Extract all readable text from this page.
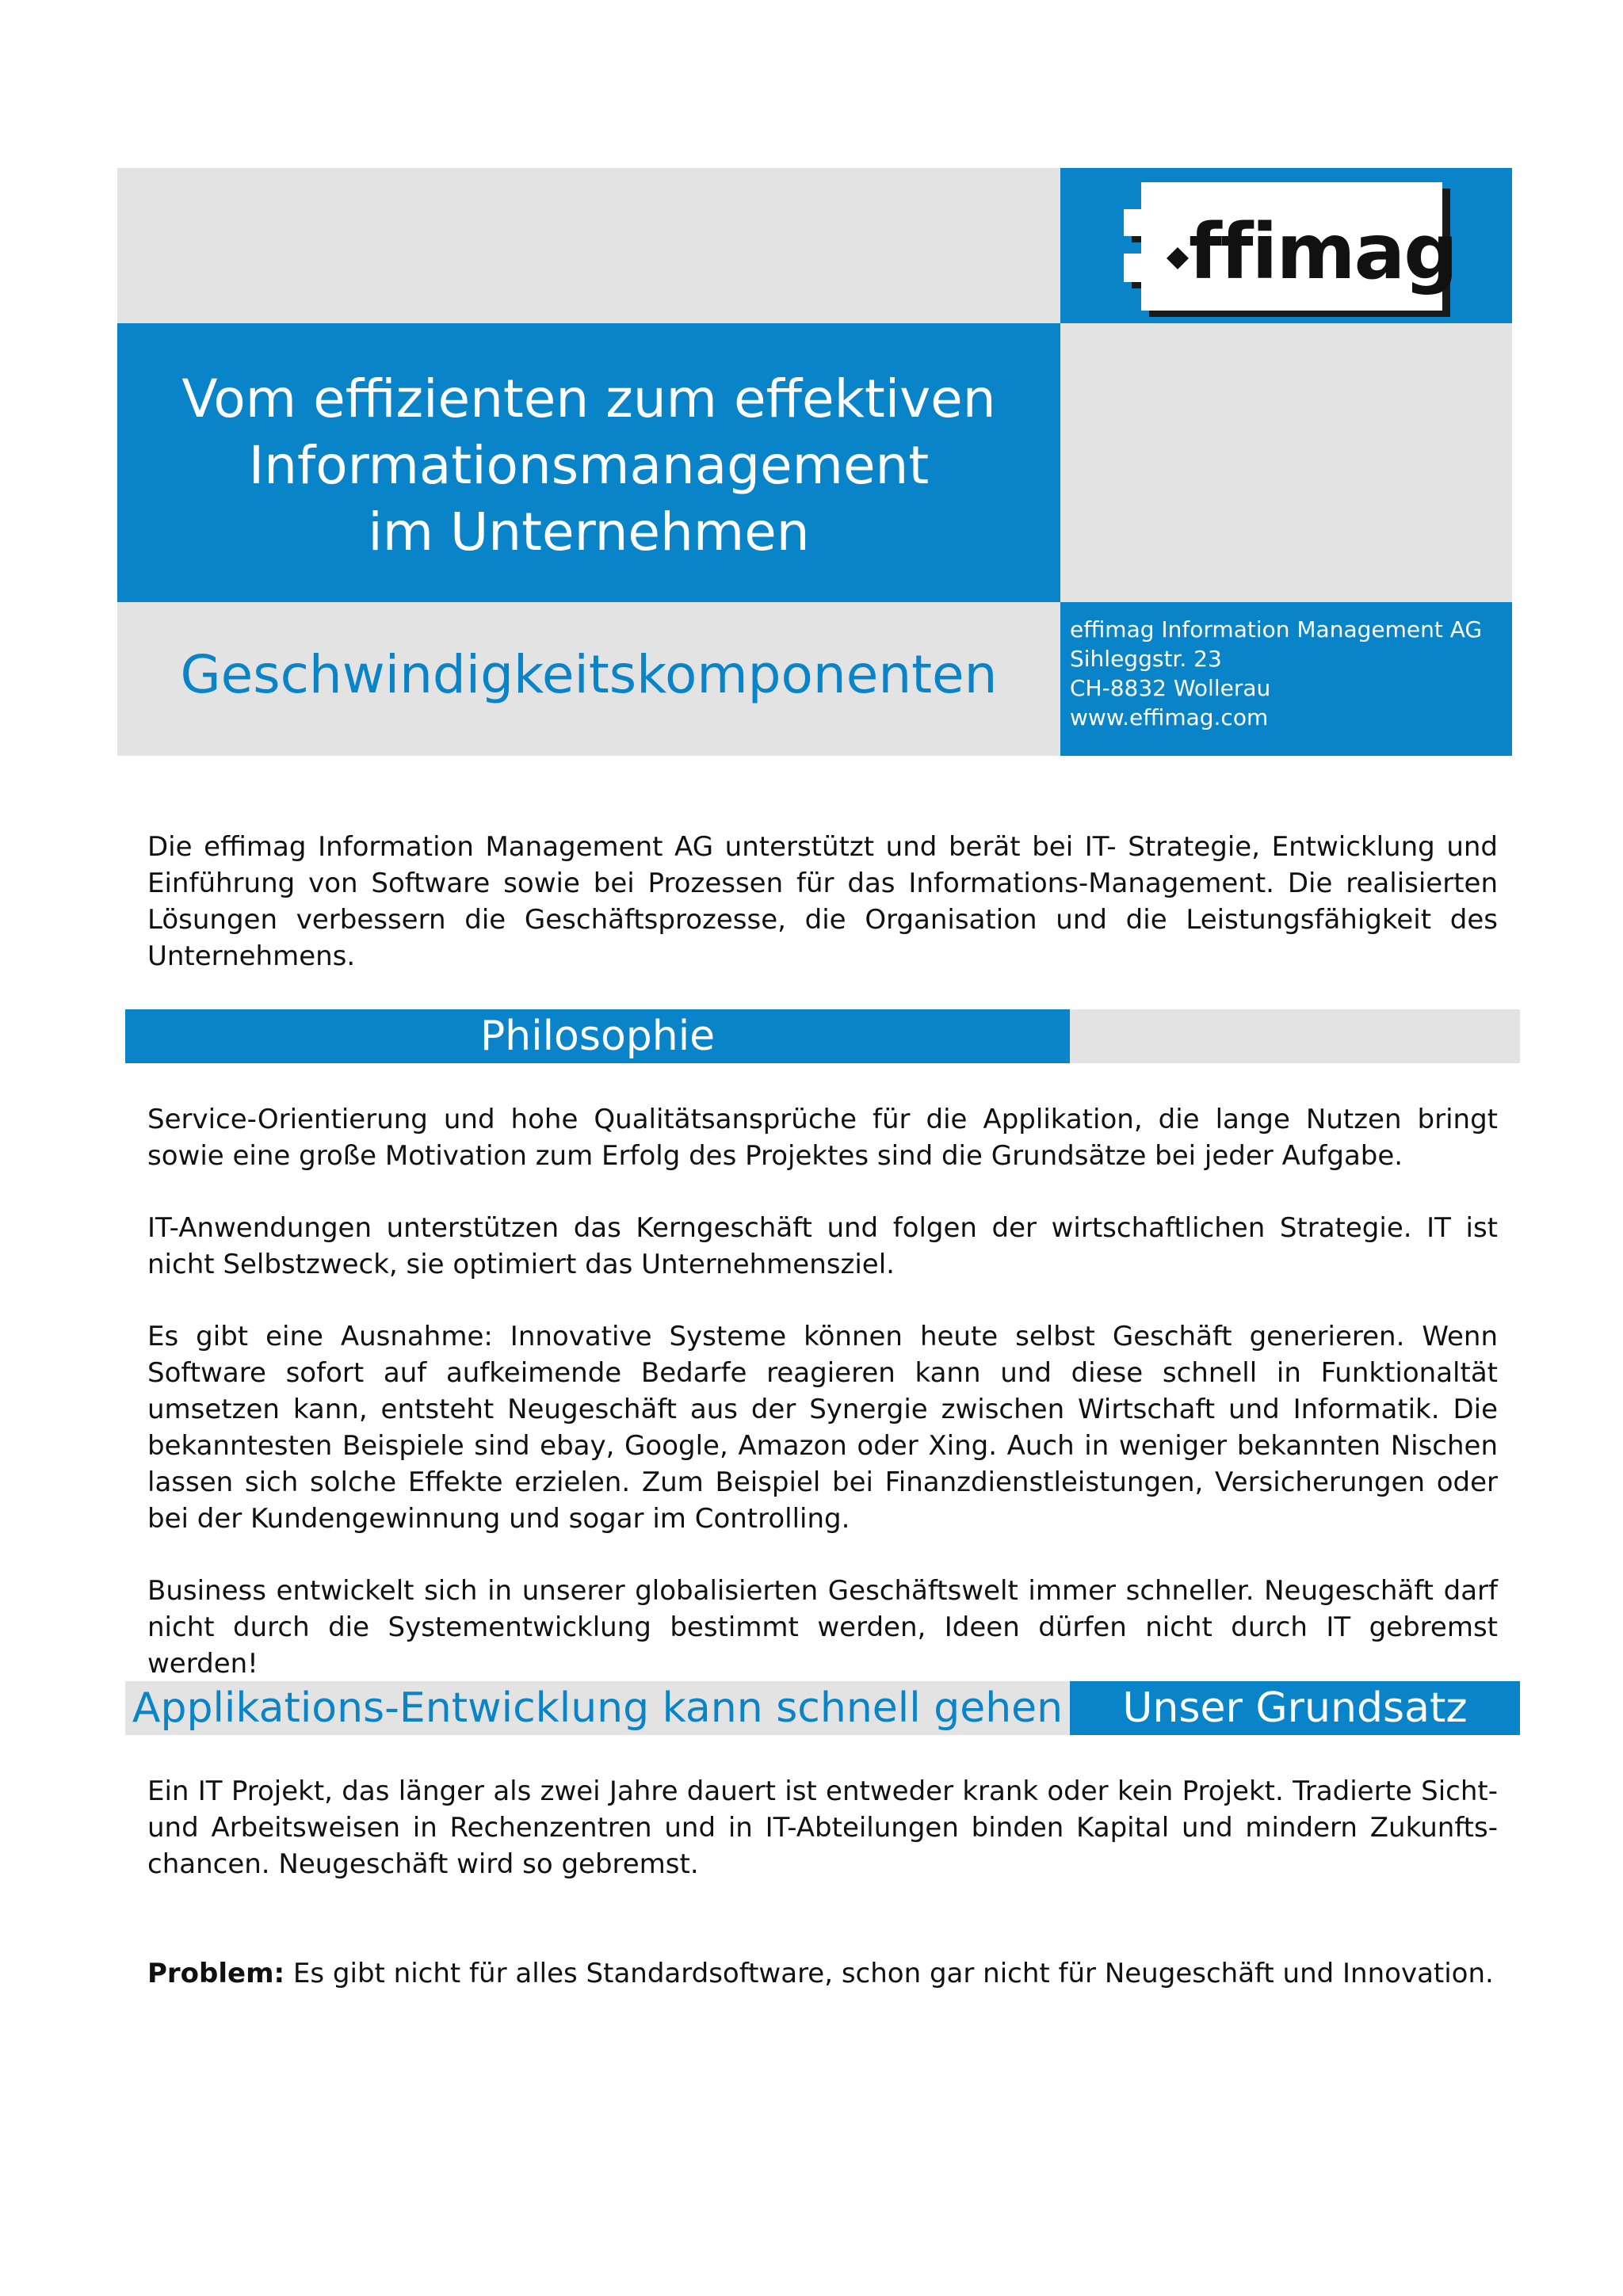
ffimag
effimag
Vom effizienten zum effektiven
Informationsmanagement
im Unternehmen
Geschwindigkeitskomponenten
effimag Information Management AG
Sihleggstr. 23
CH-8832 Wollerau
www.effimag.com

Die effimag Information Management AG unterstützt und berät bei IT- Strategie, Entwicklung und Einführung von Software sowie bei Prozessen für das Informations-Management. Die realisierten Lösungen verbessern die Geschäftsprozesse, die Organisation und die Leistungsfähigkeit des Unternehmens.

Philosophie

Service-Orientierung und hohe Qualitätsansprüche für die Applikation, die lange Nutzen bringt sowie eine große Motivation zum Erfolg des Projektes sind die Grundsätze bei jeder Aufgabe.

IT-Anwendungen unterstützen das Kerngeschäft und folgen der wirtschaftlichen Strategie. IT ist nicht Selbstzweck, sie optimiert das Unternehmensziel.

Es gibt eine Ausnahme: Innovative Systeme können heute selbst Geschäft generieren. Wenn Software sofort auf aufkeimende Bedarfe reagieren kann und diese schnell in Funktionaltät umsetzen kann, entsteht Neugeschäft aus der Synergie zwischen Wirtschaft und Informatik. Die bekanntesten Beispiele sind ebay, Google, Amazon oder Xing. Auch in weniger bekannten Nischen lassen sich solche Effekte erzielen. Zum Beispiel bei Finanzdienstleistungen, Versicherungen oder bei der Kundengewinnung und sogar im Controlling.

Business entwickelt sich in unserer globalisierten Geschäftswelt immer schneller. Neugeschäft darf nicht durch die Systementwicklung bestimmt werden, Ideen dürfen nicht durch IT gebremst werden!

Applikations-Entwicklung kann schnell gehen	Unser Grundsatz

Ein IT Projekt, das länger als zwei Jahre dauert ist entweder krank oder kein Projekt. Tradierte Sicht- und Arbeitsweisen in Rechenzentren und in IT-Abteilungen binden Kapital und mindern Zukunfts- chancen. Neugeschäft wird so gebremst.

Problem: Es gibt nicht für alles Standardsoftware, schon gar nicht für Neugeschäft und Innovation.
